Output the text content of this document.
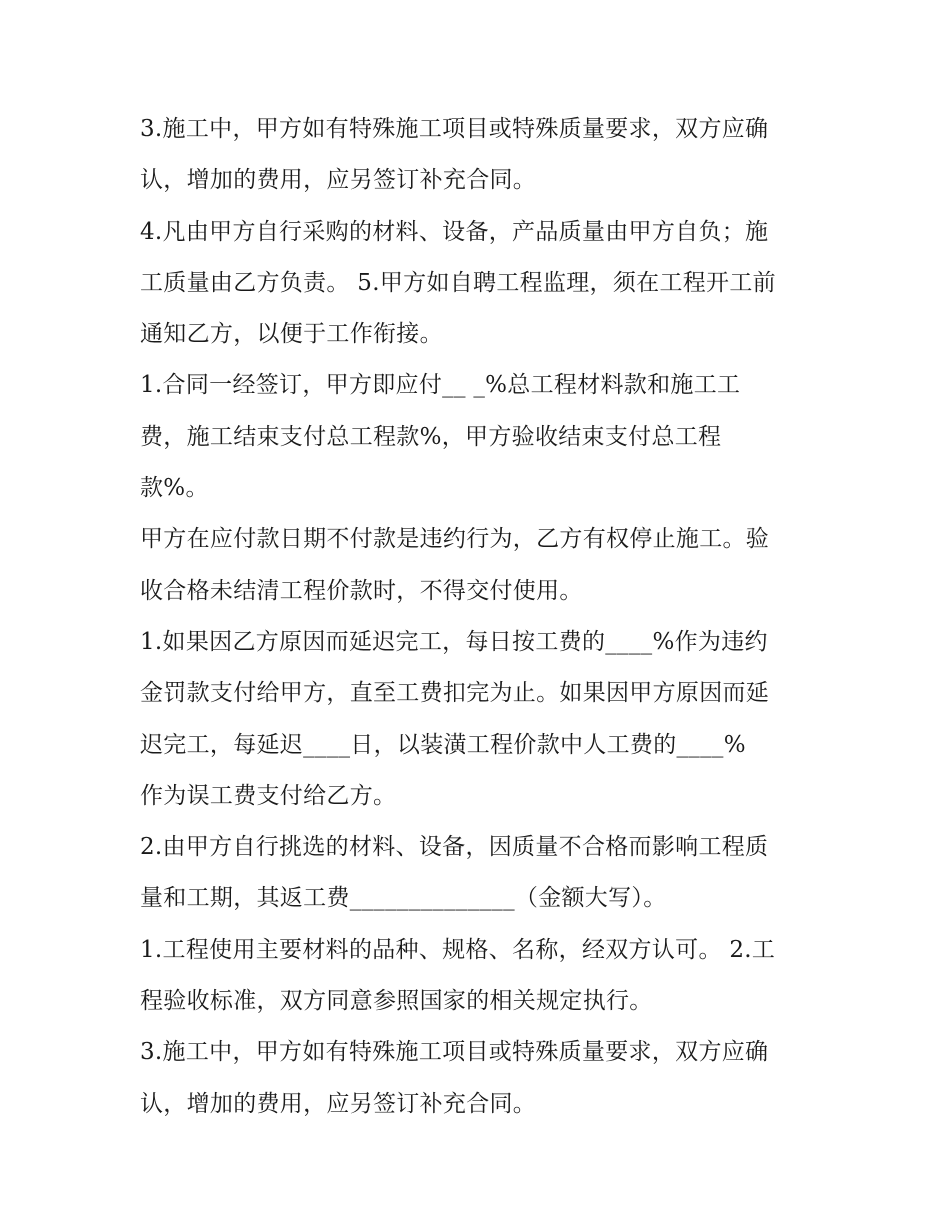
3.施工中，甲方如有特殊施工项目或特殊质量要求，双方应确
认，增加的费用，应另签订补充合同。
4.凡由甲方自行采购的材料、设备，产品质量由甲方自负；施
工质量由乙方负责。 5.甲方如自聘工程监理，须在工程开工前
通知乙方，以便于工作衔接。
1.合同一经签订，甲方即应付__ _%总工程材料款和施工工
费，施工结束支付总工程款%，甲方验收结束支付总工程
款%。
甲方在应付款日期不付款是违约行为，乙方有权停止施工。验
收合格未结清工程价款时，不得交付使用。
1.如果因乙方原因而延迟完工，每日按工费的____%作为违约
金罚款支付给甲方，直至工费扣完为止。如果因甲方原因而延
迟完工，每延迟____日，以装潢工程价款中人工费的____%
作为误工费支付给乙方。
2.由甲方自行挑选的材料、设备，因质量不合格而影响工程质
量和工期，其返工费______________（金额大写）。
1.工程使用主要材料的品种、规格、名称，经双方认可。 2.工
程验收标准，双方同意参照国家的相关规定执行。
3.施工中，甲方如有特殊施工项目或特殊质量要求，双方应确
认，增加的费用，应另签订补充合同。
